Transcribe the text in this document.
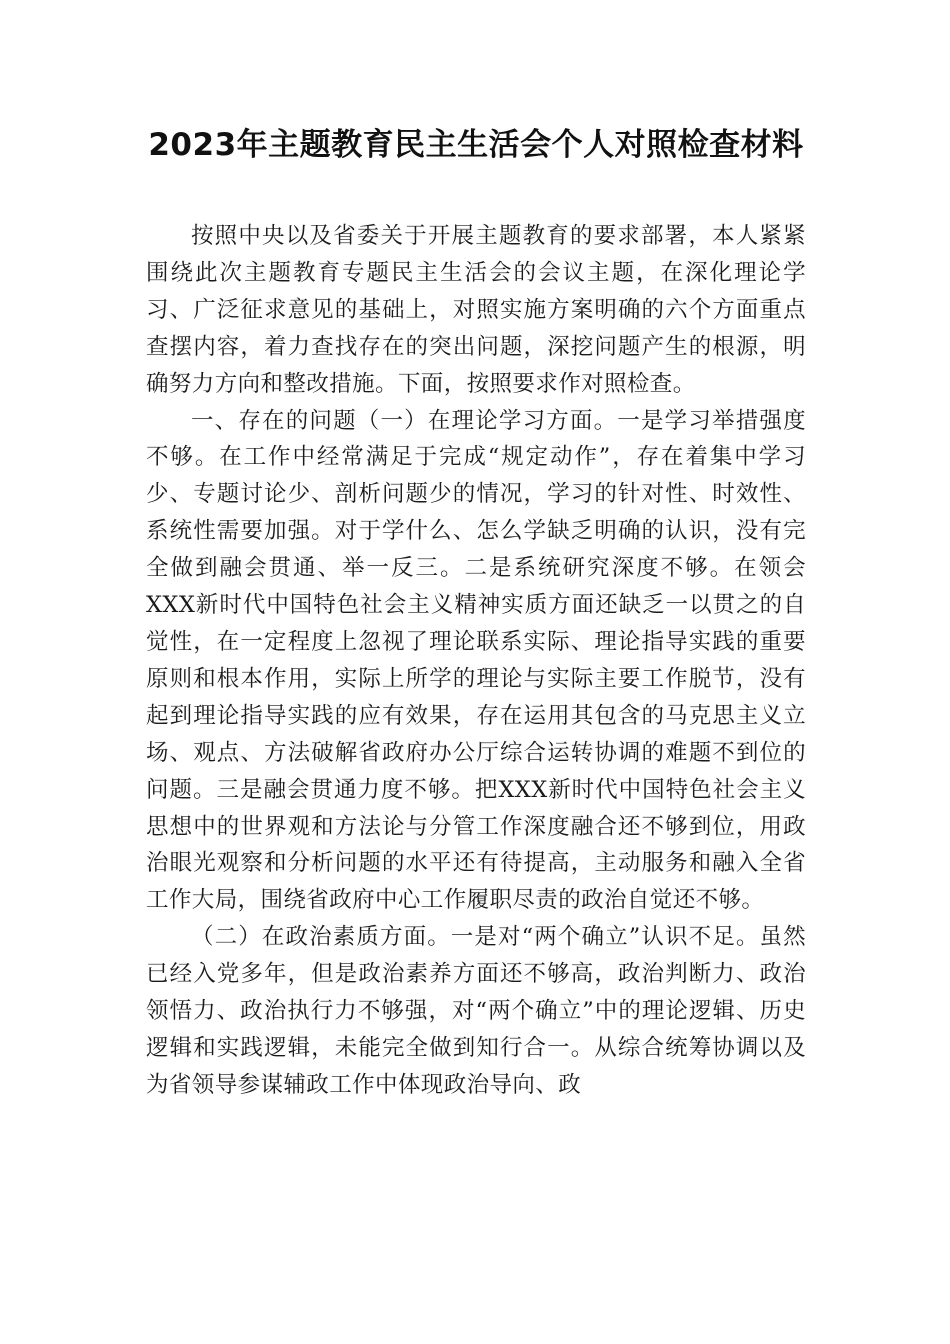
2023年主题教育民主生活会个人对照检查材料

按照中央以及省委关于开展主题教育的要求部署，本人紧紧围绕此次主题教育专题民主生活会的会议主题，在深化理论学习、广泛征求意见的基础上，对照实施方案明确的六个方面重点查摆内容，着力查找存在的突出问题，深挖问题产生的根源，明确努力方向和整改措施。下面，按照要求作对照检查。

一、存在的问题（一）在理论学习方面。一是学习举措强度不够。在工作中经常满足于完成“规定动作”，存在着集中学习少、专题讨论少、剖析问题少的情况，学习的针对性、时效性、系统性需要加强。对于学什么、怎么学缺乏明确的认识，没有完全做到融会贯通、举一反三。二是系统研究深度不够。在领会XXX新时代中国特色社会主义精神实质方面还缺乏一以贯之的自觉性，在一定程度上忽视了理论联系实际、理论指导实践的重要原则和根本作用，实际上所学的理论与实际主要工作脱节，没有起到理论指导实践的应有效果，存在运用其包含的马克思主义立场、观点、方法破解省政府办公厅综合运转协调的难题不到位的问题。三是融会贯通力度不够。把XXX新时代中国特色社会主义思想中的世界观和方法论与分管工作深度融合还不够到位，用政治眼光观察和分析问题的水平还有待提高，主动服务和融入全省工作大局，围绕省政府中心工作履职尽责的政治自觉还不够。

（二）在政治素质方面。一是对“两个确立”认识不足。虽然已经入党多年，但是政治素养方面还不够高，政治判断力、政治领悟力、政治执行力不够强，对“两个确立”中的理论逻辑、历史逻辑和实践逻辑，未能完全做到知行合一。从综合统筹协调以及为省领导参谋辅政工作中体现政治导向、政
